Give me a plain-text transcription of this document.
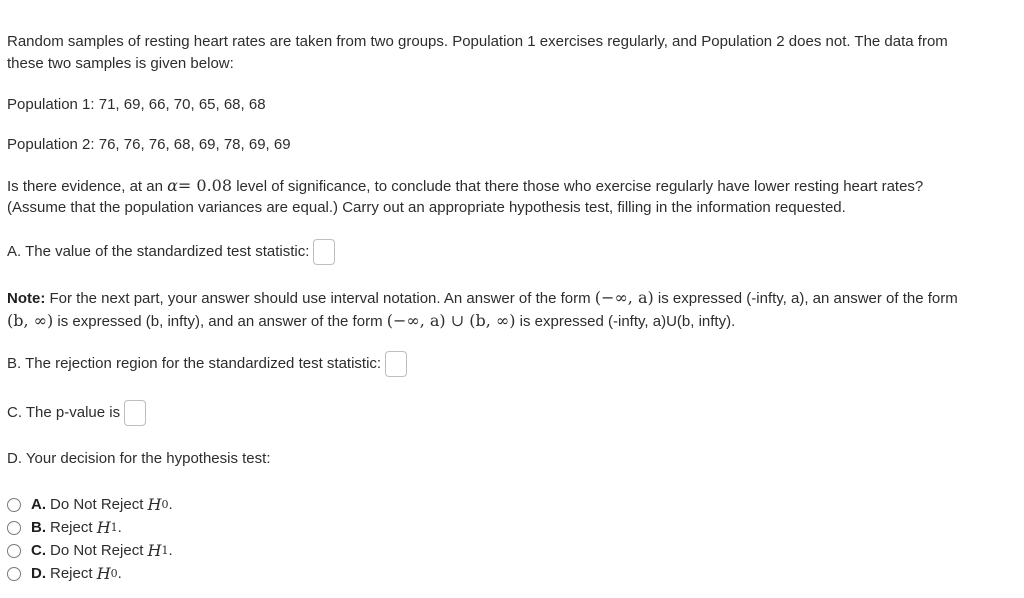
Random samples of resting heart rates are taken from two groups. Population 1 exercises regularly, and Population 2 does not. The data from

these two samples is given below:

Population 1: 71, 69, 66, 70, 65, 68, 68

Population 2: 76, 76, 76, 68, 69, 78, 69, 69

Is there evidence, at an α= 0.08 level of significance, to conclude that there those who exercise regularly have lower resting heart rates?

(Assume that the population variances are equal.) Carry out an appropriate hypothesis test, filling in the information requested.

A. The value of the standardized test statistic:

Note: For the next part, your answer should use interval notation. An answer of the form (−∞, a) is expressed (-infty, a), an answer of the form

(b, ∞) is expressed (b, infty), and an answer of the form (−∞, a) ∪ (b, ∞) is expressed (-infty, a)U(b, infty).

B. The rejection region for the standardized test statistic:

C. The p-value is

D. Your decision for the hypothesis test:

A. Do Not Reject
H 0 .
B. Reject
H 1 .
C. Do Not Reject
H 1 .
D. Reject
H 0 .
